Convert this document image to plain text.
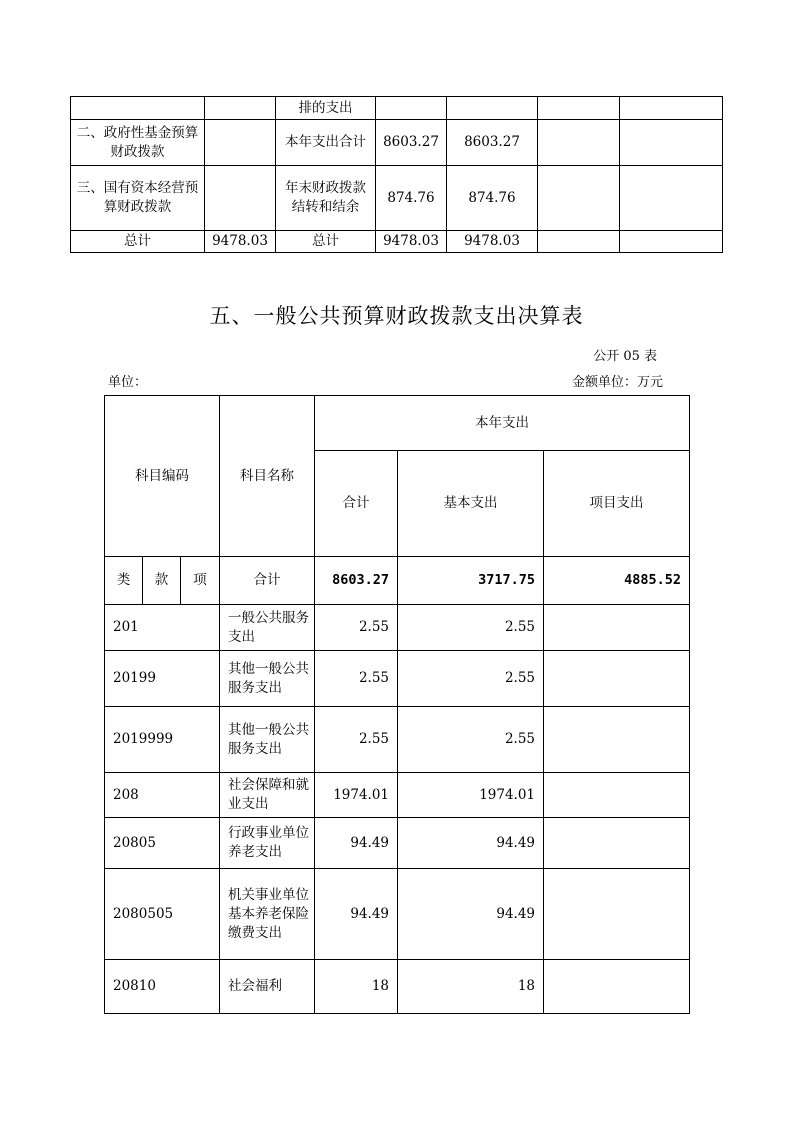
		排的支出				
二、政府性基金预算财政拨款		本年支出合计	8603.27	8603.27		
三、国有资本经营预算财政拨款		年末财政拨款结转和结余	874.76	874.76		
总计	9478.03	总计	9478.03	9478.03		
五、一般公共预算财政拨款支出决算表
公开 05 表
单位：	金额单位：万元
科目编码			科目名称	本年支出		
				合计	基本支出	项目支出
类	款	项	合计	8603.27	3717.75	4885.52
201			一般公共服务支出	2.55	2.55	
20199			其他一般公共服务支出	2.55	2.55	
2019999			其他一般公共服务支出	2.55	2.55	
208			社会保障和就业支出	1974.01	1974.01	
20805			行政事业单位养老支出	94.49	94.49	
2080505			机关事业单位基本养老保险缴费支出	94.49	94.49	
20810			社会福利	18	18	
